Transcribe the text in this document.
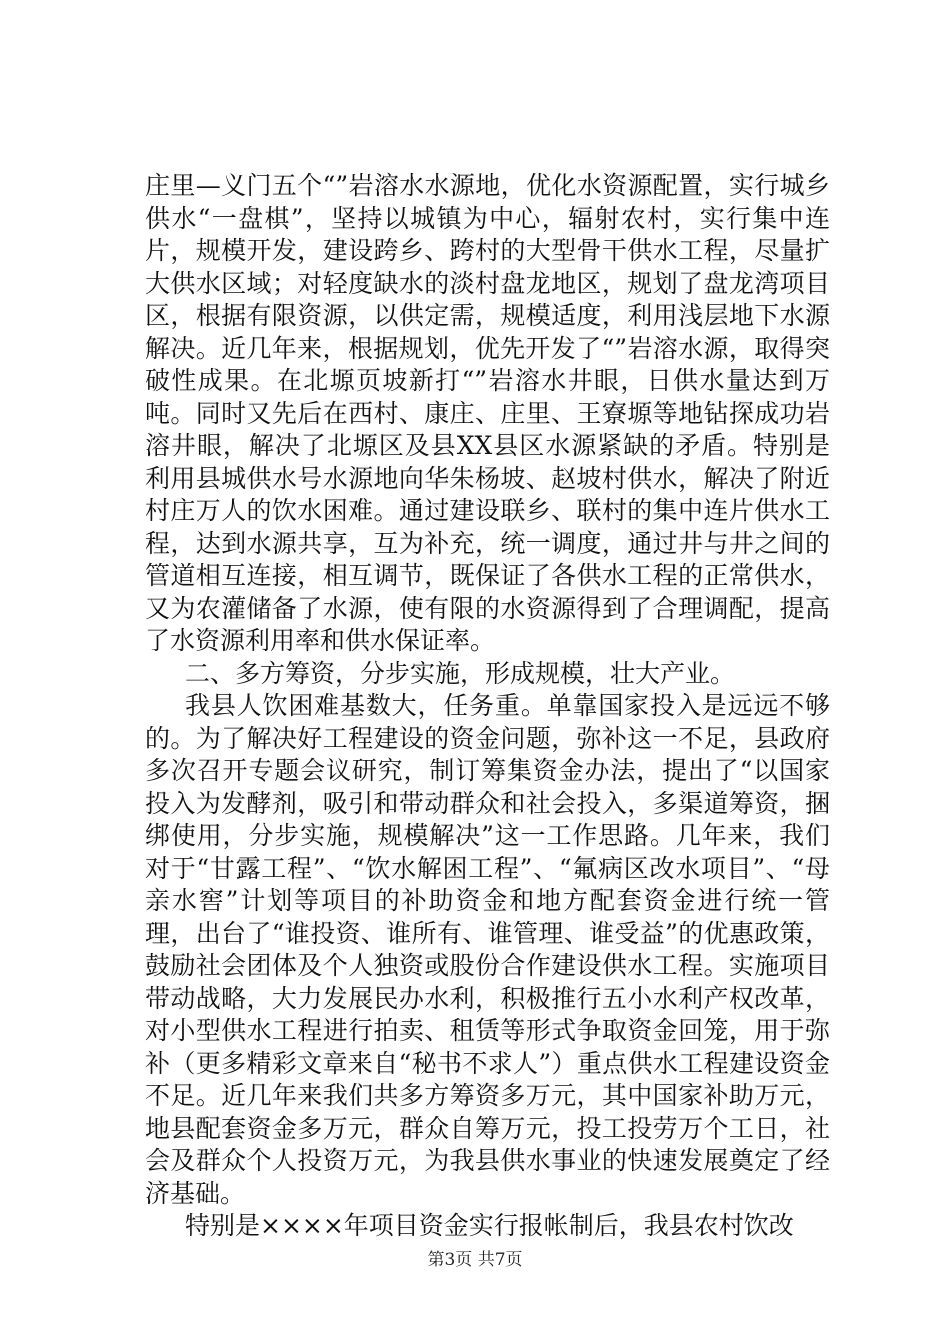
庄里—义门五个“”岩溶水水源地，优化水资源配置，实行城乡供水“一盘棋”，坚持以城镇为中心，辐射农村，实行集中连片，规模开发，建设跨乡、跨村的大型骨干供水工程，尽量扩大供水区域；对轻度缺水的淡村盘龙地区，规划了盘龙湾项目区，根据有限资源，以供定需，规模适度，利用浅层地下水源解决。近几年来，根据规划，优先开发了“”岩溶水源，取得突破性成果。在北塬页坡新打“”岩溶水井眼，日供水量达到万吨。同时又先后在西村、康庄、庄里、王寮塬等地钻探成功岩溶井眼，解决了北塬区及县XX县区水源紧缺的矛盾。特别是利用县城供水号水源地向华朱杨坡、赵坡村供水，解决了附近村庄万人的饮水困难。通过建设联乡、联村的集中连片供水工程，达到水源共享，互为补充，统一调度，通过井与井之间的管道相互连接，相互调节，既保证了各供水工程的正常供水，又为农灌储备了水源，使有限的水资源得到了合理调配，提高了水资源利用率和供水保证率。

二、多方筹资，分步实施，形成规模，壮大产业。

我县人饮困难基数大，任务重。单靠国家投入是远远不够的。为了解决好工程建设的资金问题，弥补这一不足，县政府多次召开专题会议研究，制订筹集资金办法，提出了“以国家投入为发酵剂，吸引和带动群众和社会投入，多渠道筹资，捆绑使用，分步实施，规模解决”这一工作思路。几年来，我们对于“甘露工程”、“饮水解困工程”、“氟病区改水项目”、“母亲水窖”计划等项目的补助资金和地方配套资金进行统一管理，出台了“谁投资、谁所有、谁管理、谁受益”的优惠政策，鼓励社会团体及个人独资或股份合作建设供水工程。实施项目带动战略，大力发展民办水利，积极推行五小水利产权改革，对小型供水工程进行拍卖、租赁等形式争取资金回笼，用于弥补（更多精彩文章来自“秘书不求人”）重点供水工程建设资金不足。近几年来我们共多方筹资多万元，其中国家补助万元，地县配套资金多万元，群众自筹万元，投工投劳万个工日，社会及群众个人投资万元，为我县供水事业的快速发展奠定了经济基础。

特别是××××年项目资金实行报帐制后，我县农村饮改

第3页 共7页
